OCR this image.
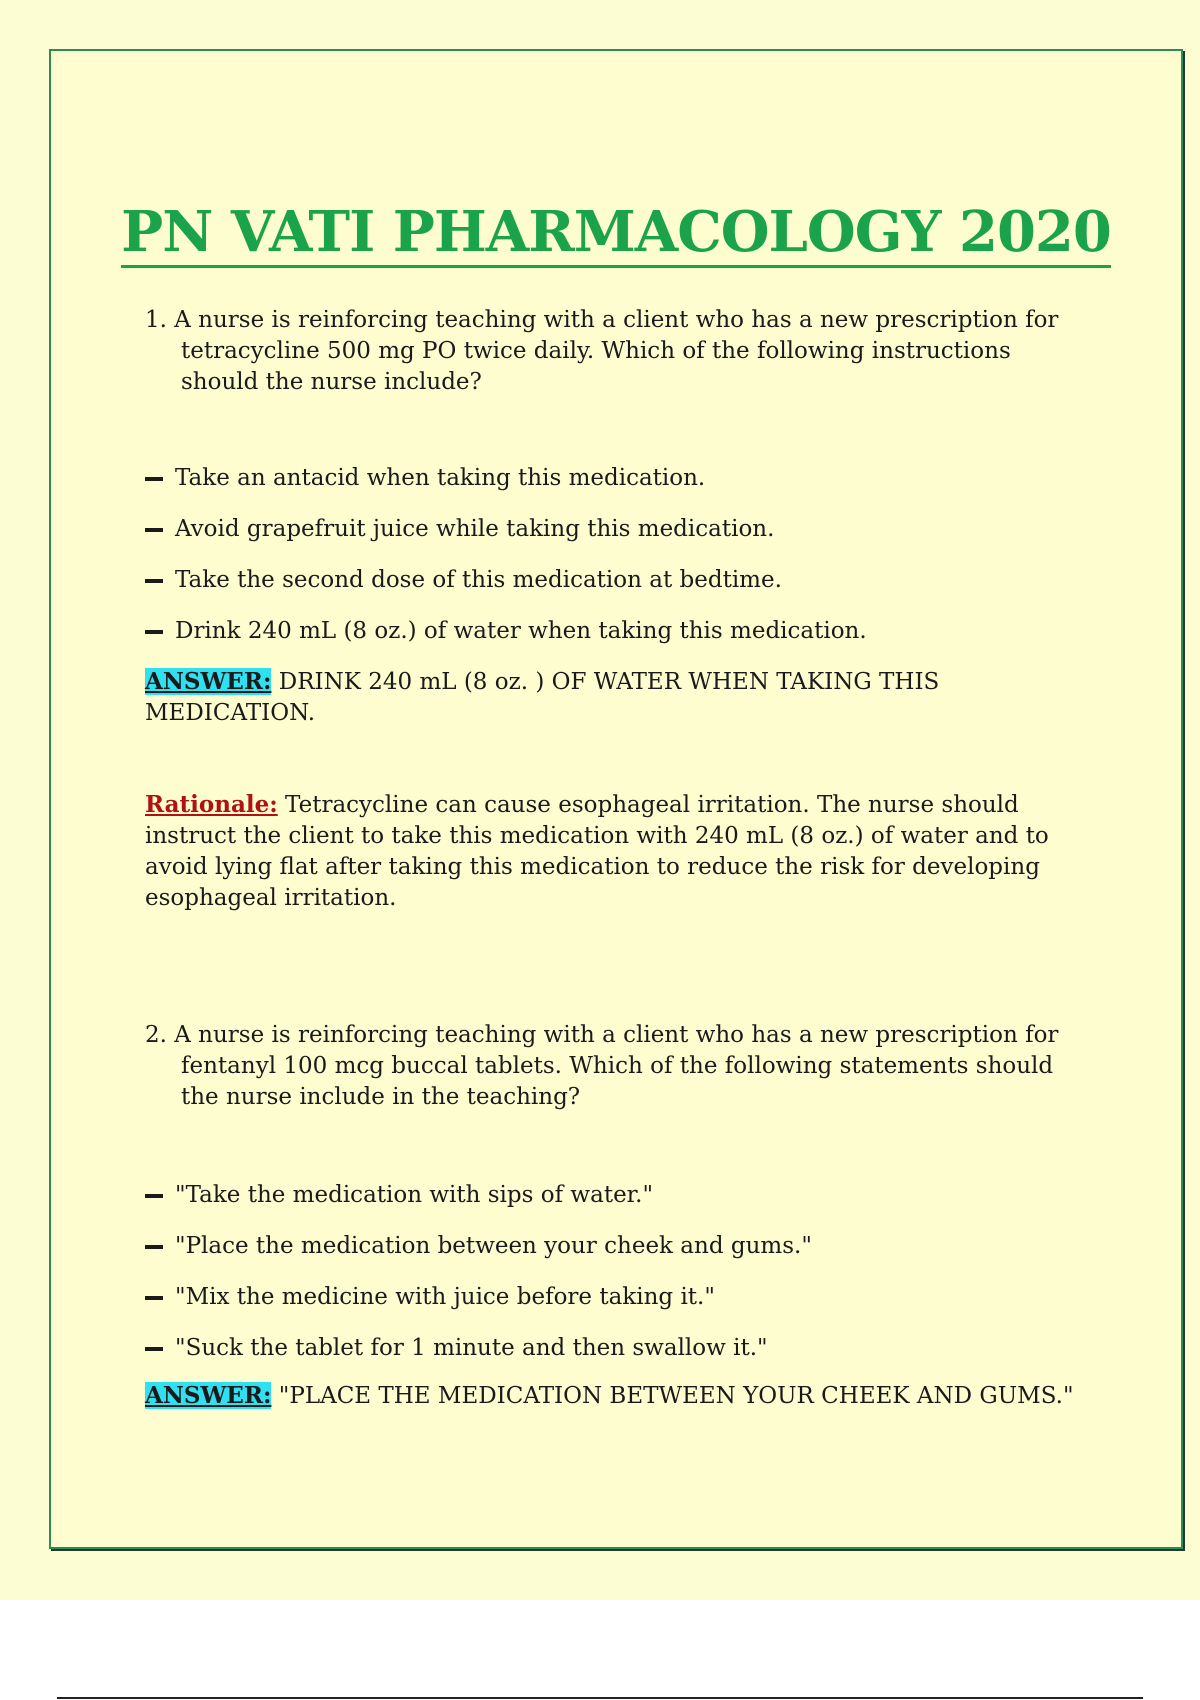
PN VATI PHARMACOLOGY 2020

1. A nurse is reinforcing teaching with a client who has a new prescription for tetracycline 500 mg PO twice daily. Which of the following instructions should the nurse include?

Take an antacid when taking this medication.
Avoid grapefruit juice while taking this medication.
Take the second dose of this medication at bedtime.
Drink 240 mL (8 oz.) of water when taking this medication.

ANSWER: DRINK 240 mL (8 oz. ) OF WATER WHEN TAKING THIS MEDICATION.

Rationale: Tetracycline can cause esophageal irritation. The nurse should instruct the client to take this medication with 240 mL (8 oz.) of water and to avoid lying flat after taking this medication to reduce the risk for developing esophageal irritation.

2. A nurse is reinforcing teaching with a client who has a new prescription for fentanyl 100 mcg buccal tablets. Which of the following statements should the nurse include in the teaching?

"Take the medication with sips of water."
"Place the medication between your cheek and gums."
"Mix the medicine with juice before taking it."
"Suck the tablet for 1 minute and then swallow it."

ANSWER: "PLACE THE MEDICATION BETWEEN YOUR CHEEK AND GUMS."
